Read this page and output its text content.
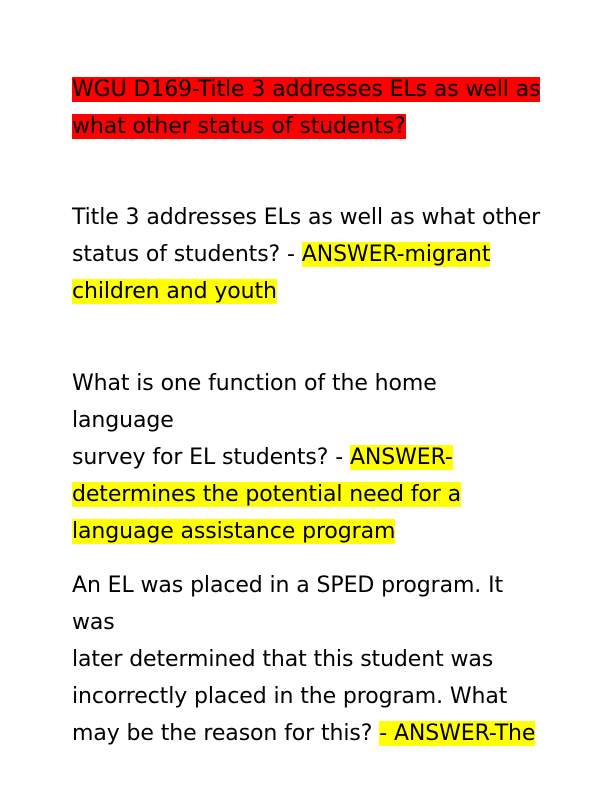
WGU D169-Title 3 addresses ELs as well as
what other status of students?
Title 3 addresses ELs as well as what other
status of students? - ANSWER-migrant
children and youth
What is one function of the home language
survey for EL students? - ANSWER-
determines the potential need for a
language assistance program
An EL was placed in a SPED program. It was
later determined that this student was
incorrectly placed in the program. What
may be the reason for this? - ANSWER-The
